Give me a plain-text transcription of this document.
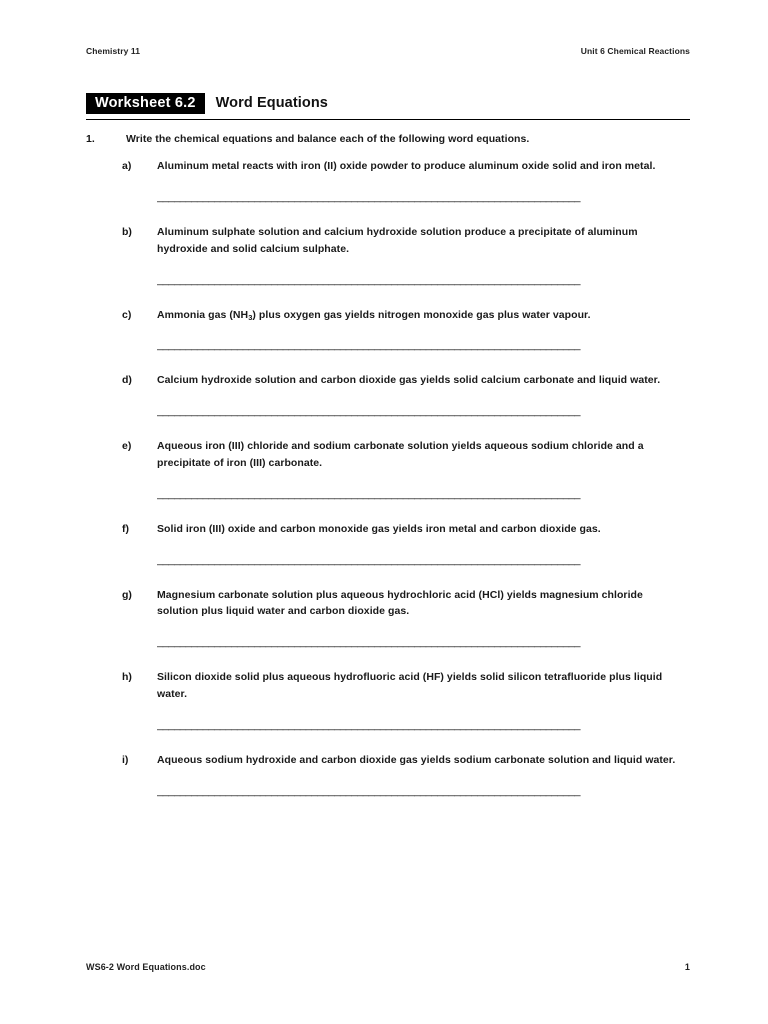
Chemistry 11	Unit 6 Chemical Reactions
Worksheet 6.2	Word Equations
1.	Write the chemical equations and balance each of the following word equations.
a)	Aluminum metal reacts with iron (II) oxide powder to produce aluminum oxide solid and iron metal.
__________________________________________________________________________
b)	Aluminum sulphate solution and calcium hydroxide solution produce a precipitate of aluminum hydroxide and solid calcium sulphate.
__________________________________________________________________________
c)	Ammonia gas $(NH_3)$ plus oxygen gas yields nitrogen monoxide gas plus water vapour.
__________________________________________________________________________
d)	Calcium hydroxide solution and carbon dioxide gas yields solid calcium carbonate and liquid water.
__________________________________________________________________________
e)	Aqueous iron (III) chloride and sodium carbonate solution yields aqueous sodium chloride and a precipitate of iron (III) carbonate.
__________________________________________________________________________
f)	Solid iron (III) oxide and carbon monoxide gas yields iron metal and carbon dioxide gas.
__________________________________________________________________________
g)	Magnesium carbonate solution plus aqueous hydrochloric acid (HCl) yields magnesium chloride solution plus liquid water and carbon dioxide gas.
__________________________________________________________________________
h)	Silicon dioxide solid plus aqueous hydrofluoric acid (HF) yields solid silicon tetrafluoride plus liquid water.
__________________________________________________________________________
i)	Aqueous sodium hydroxide and carbon dioxide gas yields sodium carbonate solution and liquid water.
__________________________________________________________________________
WS6-2 Word Equations.doc	1
